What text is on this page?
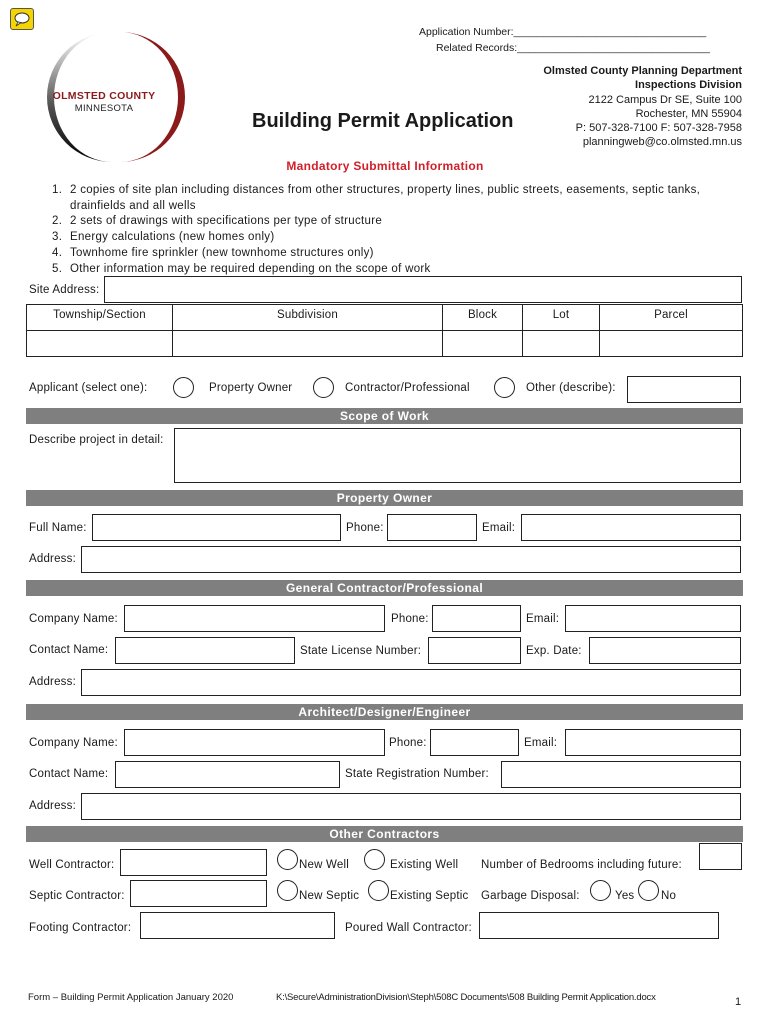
Application Number:_________________________________
Related Records:_________________________________
OLMSTED COUNTY
MINNESOTA
Building Permit Application
Olmsted County Planning Department
Inspections Division
2122 Campus Dr SE, Suite 100
Rochester, MN 55904
P: 507-328-7100 F: 507-328-7958
planningweb@co.olmsted.mn.us
Mandatory Submittal Information
1. 2 copies of site plan including distances from other structures, property lines, public streets, easements, septic tanks,
drainfields and all wells
2. 2 sets of drawings with specifications per type of structure
3. Energy calculations (new homes only)
4. Townhome fire sprinkler (new townhome structures only)
5. Other information may be required depending on the scope of work
Site Address:
Township/Section	Subdivision	Block	Lot	Parcel

Applicant (select one):	Property Owner	Contractor/Professional	Other (describe):
Scope of Work
Describe project in detail:
Property Owner
Full Name:	Phone:	Email:
Address:
General Contractor/Professional
Company Name:	Phone:	Email:
Contact Name:	State License Number:	Exp. Date:
Address:
Architect/Designer/Engineer
Company Name:	Phone:	Email:
Contact Name:	State Registration Number:
Address:
Other Contractors
Well Contractor:	New Well	Existing Well Number of Bedrooms including future:
Septic Contractor:	New Septic	Existing Septic Garbage Disposal:	Yes No
Footing Contractor:	Poured Wall Contractor:
Form – Building Permit Application January 2020	K:\Secure\AdministrationDivision\Steph\508C Documents\508 Building Permit Application.docx	1
